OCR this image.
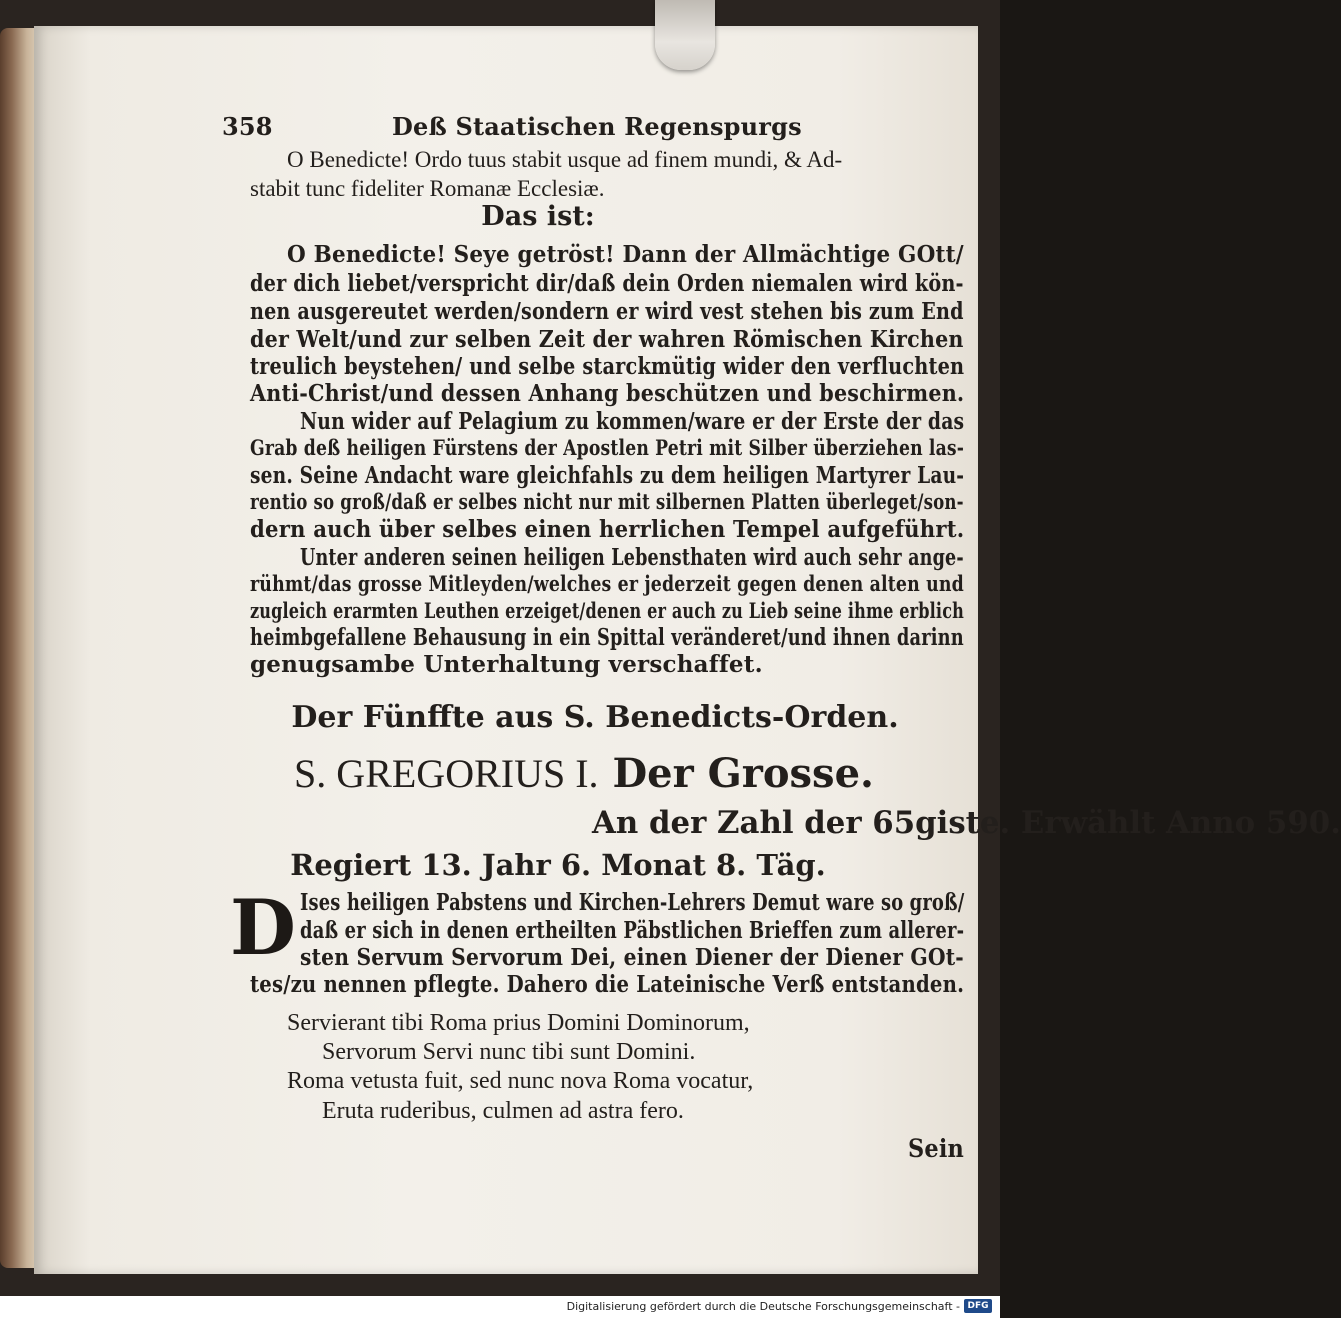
358	Deß Staatischen Regenspurgs
O Benedicte! Ordo tuus stabit usque ad finem mundi, & Ad-
stabit tunc fideliter Romanæ Ecclesiæ.
Das ist:
O Benedicte! Seye getröst! Dann der Allmächtige GOtt/
der dich liebet/verspricht dir/daß dein Orden niemalen wird kön-
nen ausgereutet werden/sondern er wird vest stehen bis zum End
der Welt/und zur selben Zeit der wahren Römischen Kirchen
treulich beystehen/ und selbe starckmütig wider den verfluchten
Anti-Christ/und dessen Anhang beschützen und beschirmen.
Nun wider auf Pelagium zu kommen/ware er der Erste der das
Grab deß heiligen Fürstens der Apostlen Petri mit Silber überziehen las-
sen. Seine Andacht ware gleichfahls zu dem heiligen Martyrer Lau-
rentio so groß/daß er selbes nicht nur mit silbernen Platten überleget/son-
dern auch über selbes einen herrlichen Tempel aufgeführt.
Unter anderen seinen heiligen Lebensthaten wird auch sehr ange-
rühmt/das grosse Mitleyden/welches er jederzeit gegen denen alten und
zugleich erarmten Leuthen erzeiget/denen er auch zu Lieb seine ihme erblich
heimbgefallene Behausung in ein Spittal veränderet/und ihnen darinn
genugsambe Unterhaltung verschaffet.
Der Fünffte aus S. Benedicts-Orden.
S. GREGORIUS I. Der Grosse.
An der Zahl der 65giste. Erwählt Anno 590.
Regiert 13. Jahr 6. Monat 8. Täg.
D Ises heiligen Pabstens und Kirchen-Lehrers Demut ware so groß/
daß er sich in denen ertheilten Päbstlichen Brieffen zum allerer-
sten Servum Servorum Dei, einen Diener der Diener GOt-
tes/zu nennen pflegte. Dahero die Lateinische Verß entstanden.
Servierant tibi Roma prius Domini Dominorum,
Servorum Servi nunc tibi sunt Domini.
Roma vetusta fuit, sed nunc nova Roma vocatur,
Eruta ruderibus, culmen ad astra fero.
Sein
Digitalisierung gefördert durch die Deutsche Forschungsgemeinschaft - DFG
